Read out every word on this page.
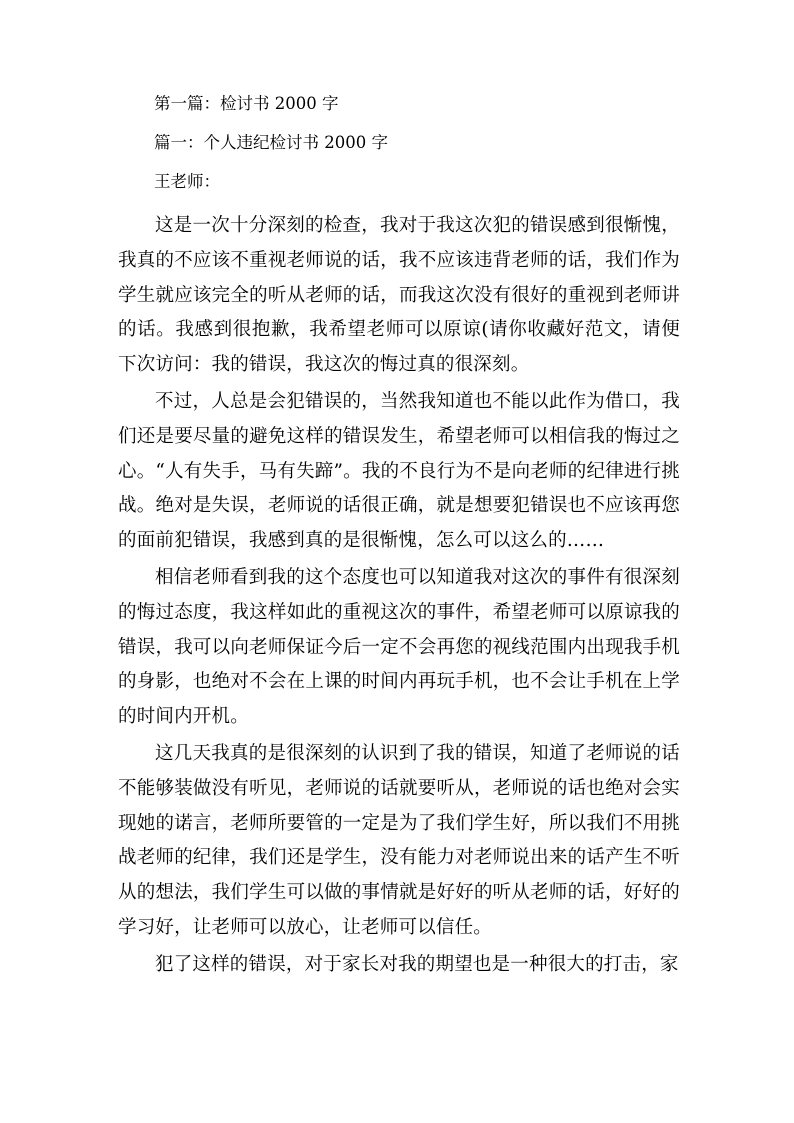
第一篇：检讨书 2000 字
篇一：个人违纪检讨书 2000 字
王老师：

这是一次十分深刻的检查，我对于我这次犯的错误感到很惭愧，我真的不应该不重视老师说的话，我不应该违背老师的话，我们作为学生就应该完全的听从老师的话，而我这次没有很好的重视到老师讲的话。我感到很抱歉，我希望老师可以原谅(请你收藏好范文，请便下次访问：我的错误，我这次的悔过真的很深刻。

不过，人总是会犯错误的，当然我知道也不能以此作为借口，我们还是要尽量的避免这样的错误发生，希望老师可以相信我的悔过之心。“人有失手，马有失蹄”。我的不良行为不是向老师的纪律进行挑战。绝对是失误，老师说的话很正确，就是想要犯错误也不应该再您的面前犯错误，我感到真的是很惭愧，怎么可以这么的……

相信老师看到我的这个态度也可以知道我对这次的事件有很深刻的悔过态度，我这样如此的重视这次的事件，希望老师可以原谅我的错误，我可以向老师保证今后一定不会再您的视线范围内出现我手机的身影，也绝对不会在上课的时间内再玩手机，也不会让手机在上学的时间内开机。

这几天我真的是很深刻的认识到了我的错误，知道了老师说的话不能够装做没有听见，老师说的话就要听从，老师说的话也绝对会实现她的诺言，老师所要管的一定是为了我们学生好，所以我们不用挑战老师的纪律，我们还是学生，没有能力对老师说出来的话产生不听从的想法，我们学生可以做的事情就是好好的听从老师的话，好好的学习好，让老师可以放心，让老师可以信任。

犯了这样的错误，对于家长对我的期望也是一种很大的打击，家
